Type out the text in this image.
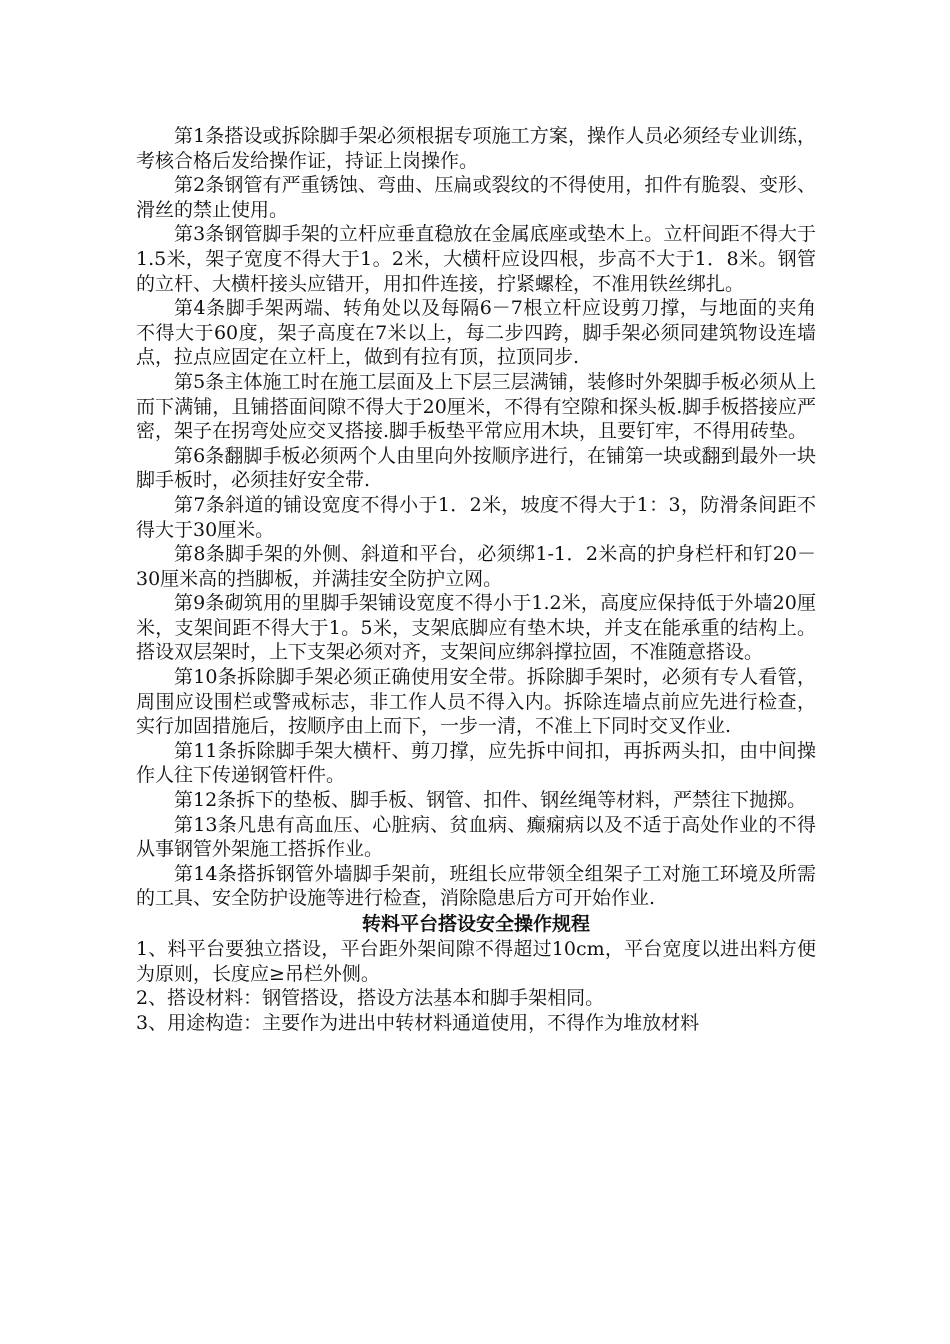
第1条搭设或拆除脚手架必须根据专项施工方案，操作人员必须经专业训练，考核合格后发给操作证，持证上岗操作。

第2条钢管有严重锈蚀、弯曲、压扁或裂纹的不得使用，扣件有脆裂、变形、滑丝的禁止使用。

第3条钢管脚手架的立杆应垂直稳放在金属底座或垫木上。立杆间距不得大于1.5米，架子宽度不得大于1。2米，大横杆应设四根，步高不大于1．8米。钢管的立杆、大横杆接头应错开，用扣件连接，拧紧螺栓，不准用铁丝绑扎。

第4条脚手架两端、转角处以及每隔6－7根立杆应设剪刀撑，与地面的夹角不得大于60度，架子高度在7米以上，每二步四跨，脚手架必须同建筑物设连墙点，拉点应固定在立杆上，做到有拉有顶，拉顶同步.

第5条主体施工时在施工层面及上下层三层满铺，装修时外架脚手板必须从上而下满铺，且铺搭面间隙不得大于20厘米，不得有空隙和探头板.脚手板搭接应严密，架子在拐弯处应交叉搭接.脚手板垫平常应用木块，且要钉牢，不得用砖垫。

第6条翻脚手板必须两个人由里向外按顺序进行，在铺第一块或翻到最外一块脚手板时，必须挂好安全带.

第7条斜道的铺设宽度不得小于1．2米，坡度不得大于1：3，防滑条间距不得大于30厘米。

第8条脚手架的外侧、斜道和平台，必须绑1-1．2米高的护身栏杆和钉20－30厘米高的挡脚板，并满挂安全防护立网。

第9条砌筑用的里脚手架铺设宽度不得小于1.2米，高度应保持低于外墙20厘米，支架间距不得大于1。5米，支架底脚应有垫木块，并支在能承重的结构上。搭设双层架时，上下支架必须对齐，支架间应绑斜撑拉固，不准随意搭设。

第10条拆除脚手架必须正确使用安全带。拆除脚手架时，必须有专人看管，周围应设围栏或警戒标志，非工作人员不得入内。拆除连墙点前应先进行检查，实行加固措施后，按顺序由上而下，一步一清，不准上下同时交叉作业.

第11条拆除脚手架大横杆、剪刀撑，应先拆中间扣，再拆两头扣，由中间操作人往下传递钢管杆件。

第12条拆下的垫板、脚手板、钢管、扣件、钢丝绳等材料，严禁往下抛掷。

第13条凡患有高血压、心脏病、贫血病、癫痫病以及不适于高处作业的不得从事钢管外架施工搭拆作业。

第14条搭拆钢管外墙脚手架前，班组长应带领全组架子工对施工环境及所需的工具、安全防护设施等进行检查，消除隐患后方可开始作业.

转料平台搭设安全操作规程

1、料平台要独立搭设，平台距外架间隙不得超过10cm，平台宽度以进出料方便为原则，长度应≥吊栏外侧。

2、搭设材料：钢管搭设，搭设方法基本和脚手架相同。

3、用途构造：主要作为进出中转材料通道使用，不得作为堆放材料
